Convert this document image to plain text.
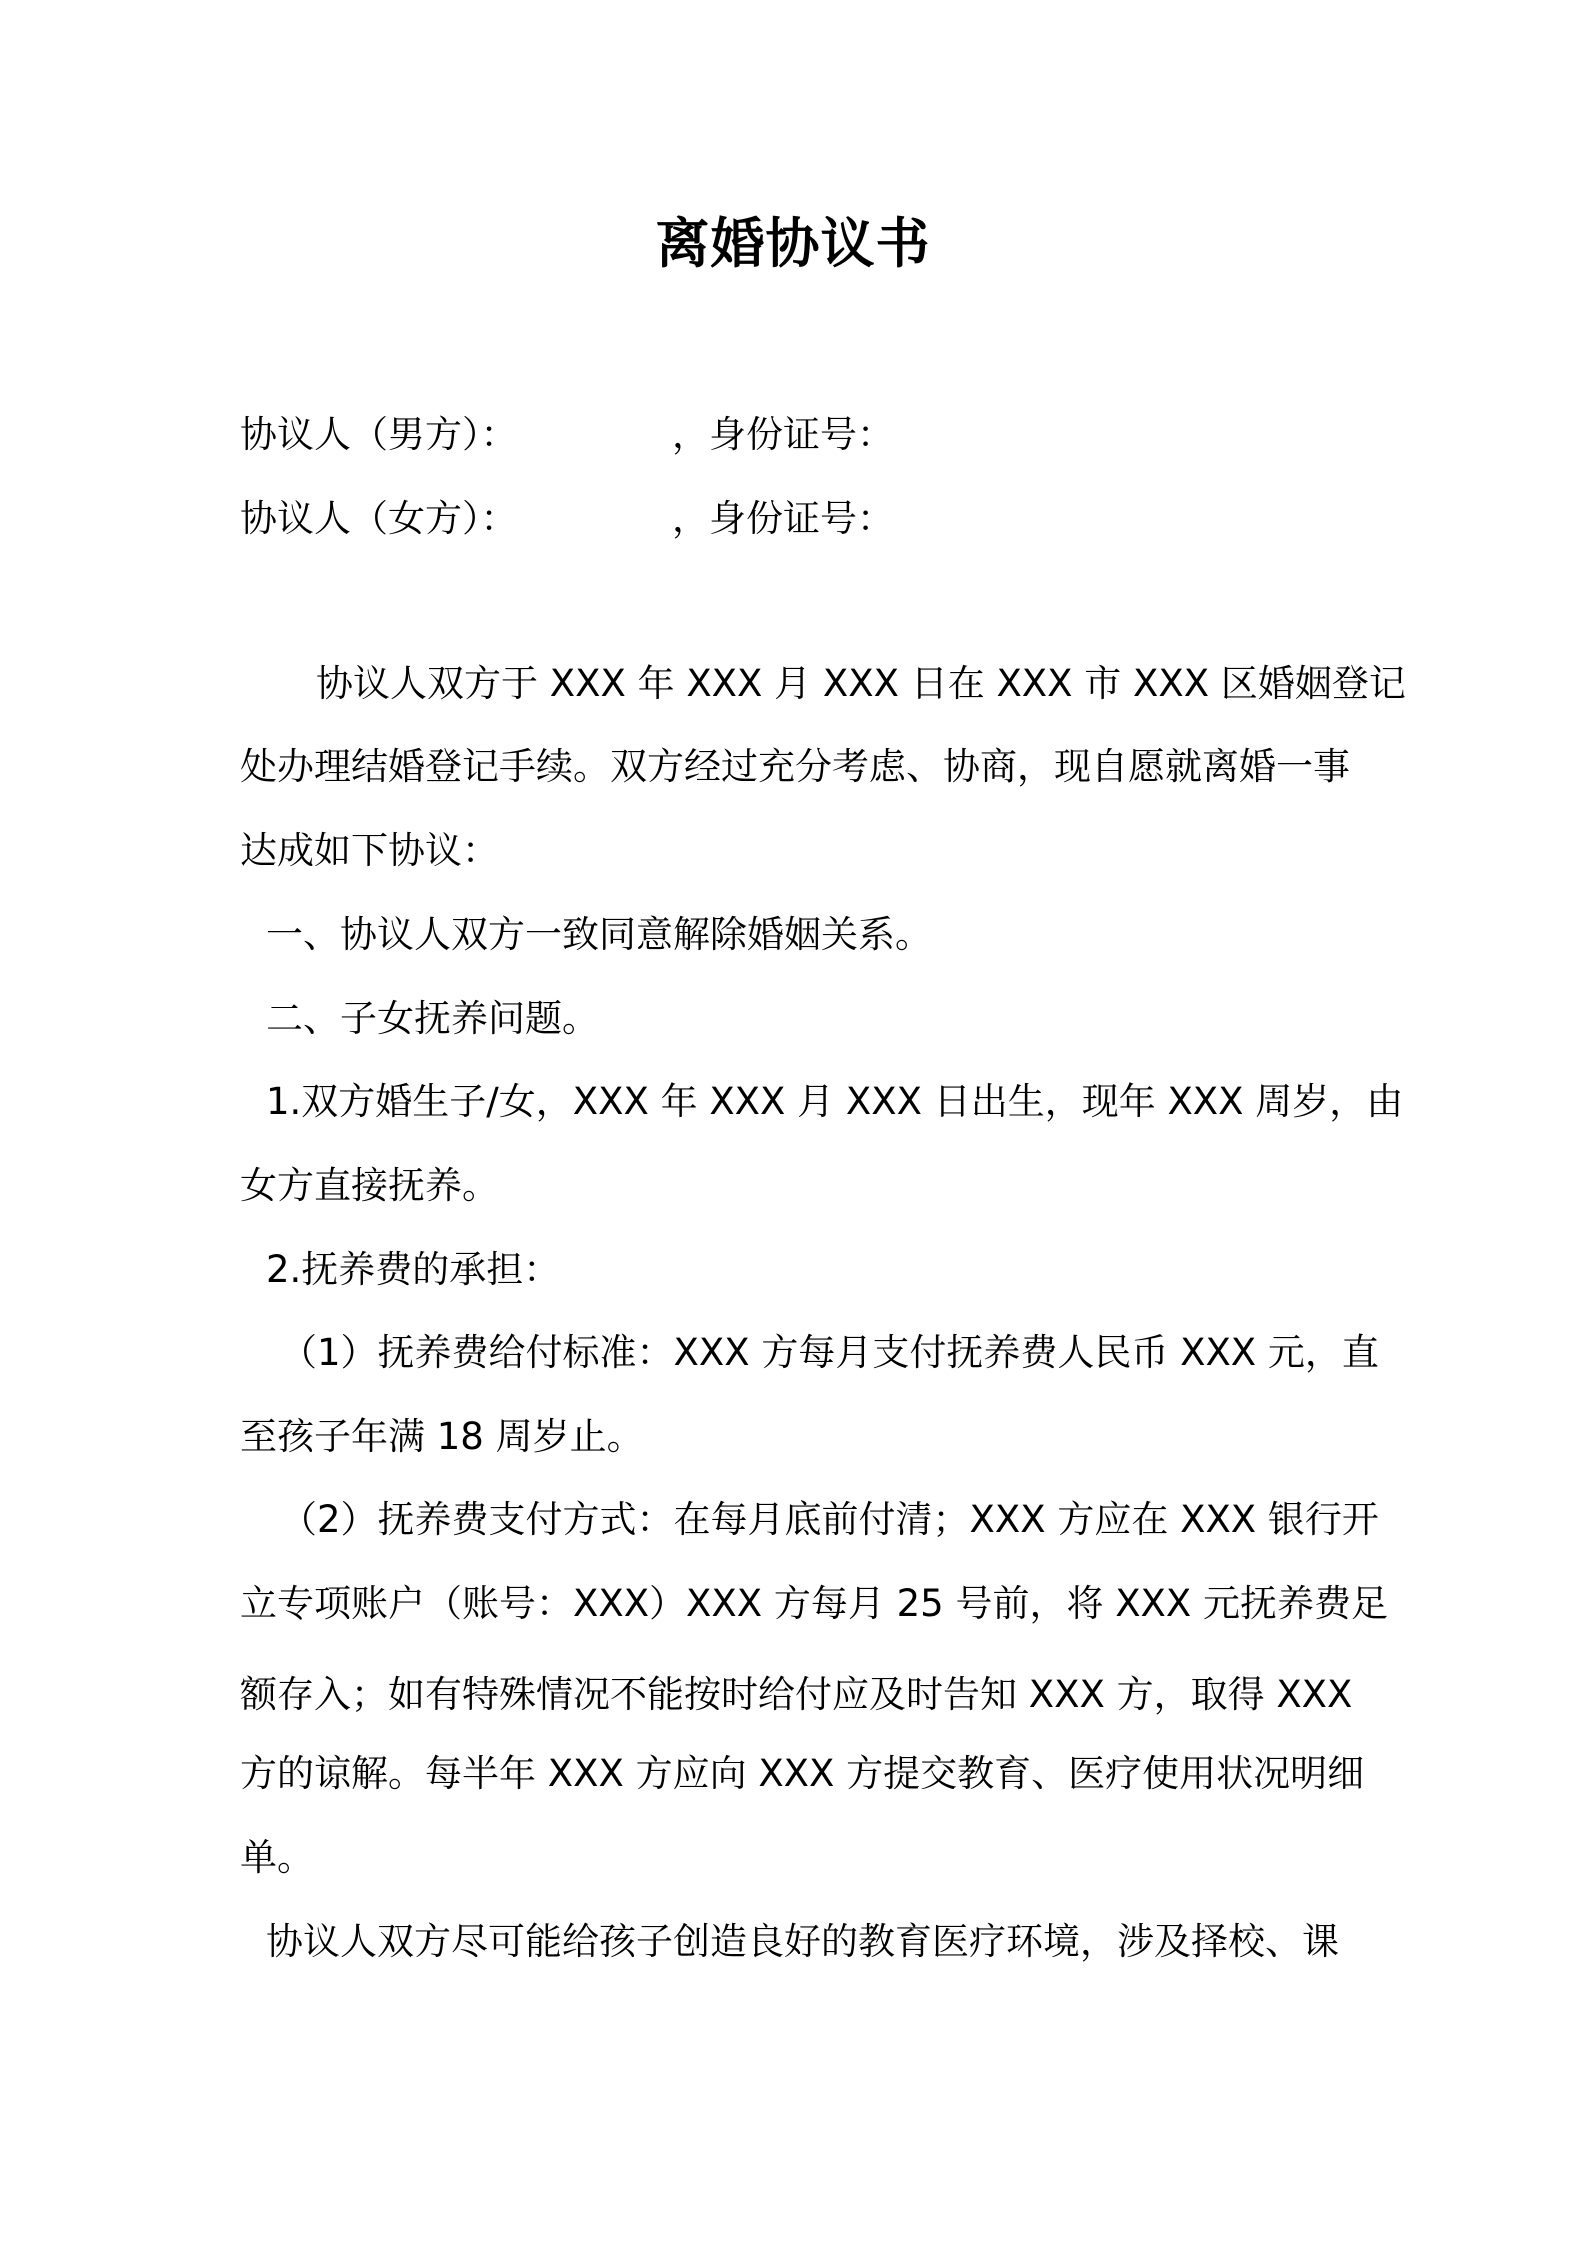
离婚协议书
协议人（男方）：	，身份证号：
协议人（女方）：	，身份证号：
协议人双方于 XXX 年 XXX 月 XXX 日在 XXX 市 XXX 区婚姻登记
处办理结婚登记手续。双方经过充分考虑、协商，现自愿就离婚一事
达成如下协议：
一、协议人双方一致同意解除婚姻关系。
二、子女抚养问题。
1.双方婚生子/女，XXX 年 XXX 月 XXX 日出生，现年 XXX 周岁，由
女方直接抚养。
2.抚养费的承担：
（1）抚养费给付标准：XXX 方每月支付抚养费人民币 XXX 元，直
至孩子年满 18 周岁止。
（2）抚养费支付方式：在每月底前付清；XXX 方应在 XXX 银行开
立专项账户（账号：XXX）XXX 方每月 25 号前，将 XXX 元抚养费足
额存入；如有特殊情况不能按时给付应及时告知 XXX 方，取得 XXX
方的谅解。每半年 XXX 方应向 XXX 方提交教育、医疗使用状况明细
单。
协议人双方尽可能给孩子创造良好的教育医疗环境，涉及择校、课
